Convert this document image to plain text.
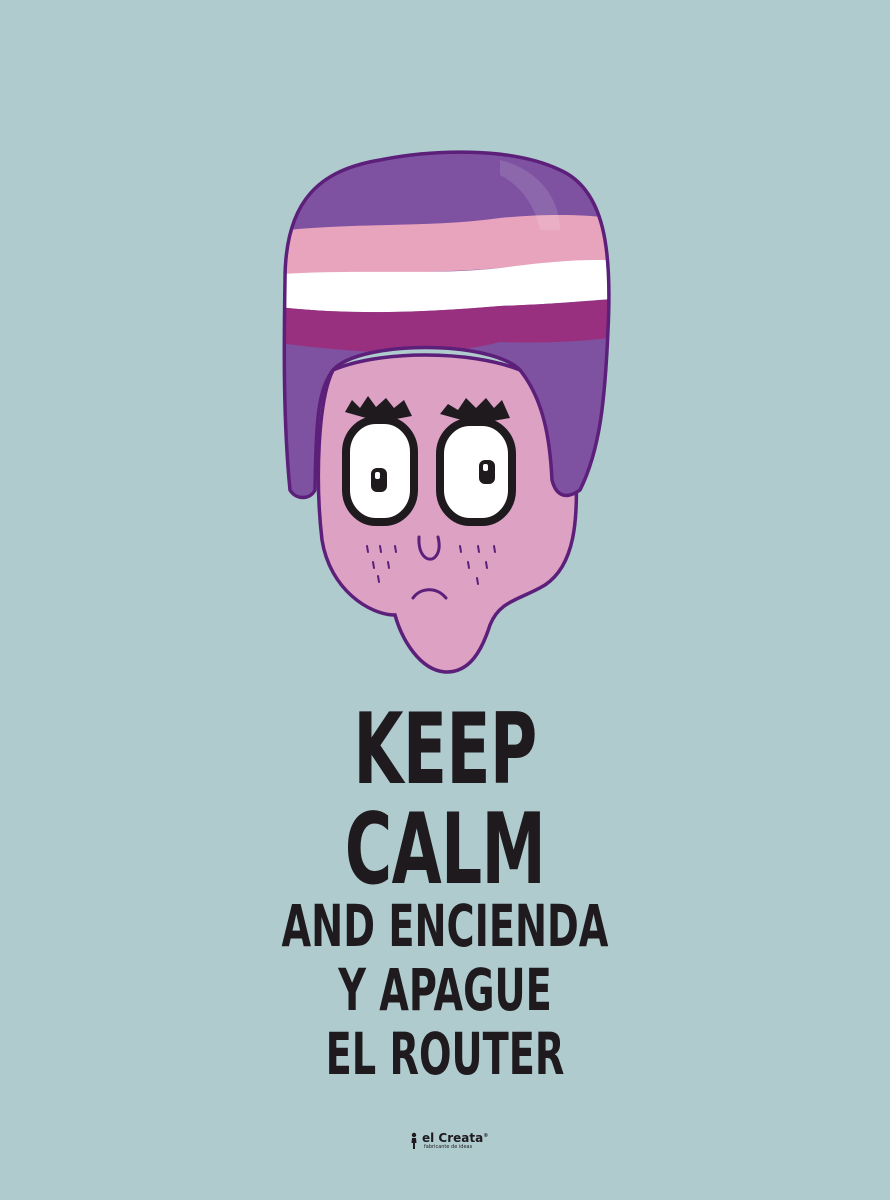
KEEP
CALM
AND ENCIENDA
Y APAGUE
EL ROUTER
el Creata®
fabricante de ideas
